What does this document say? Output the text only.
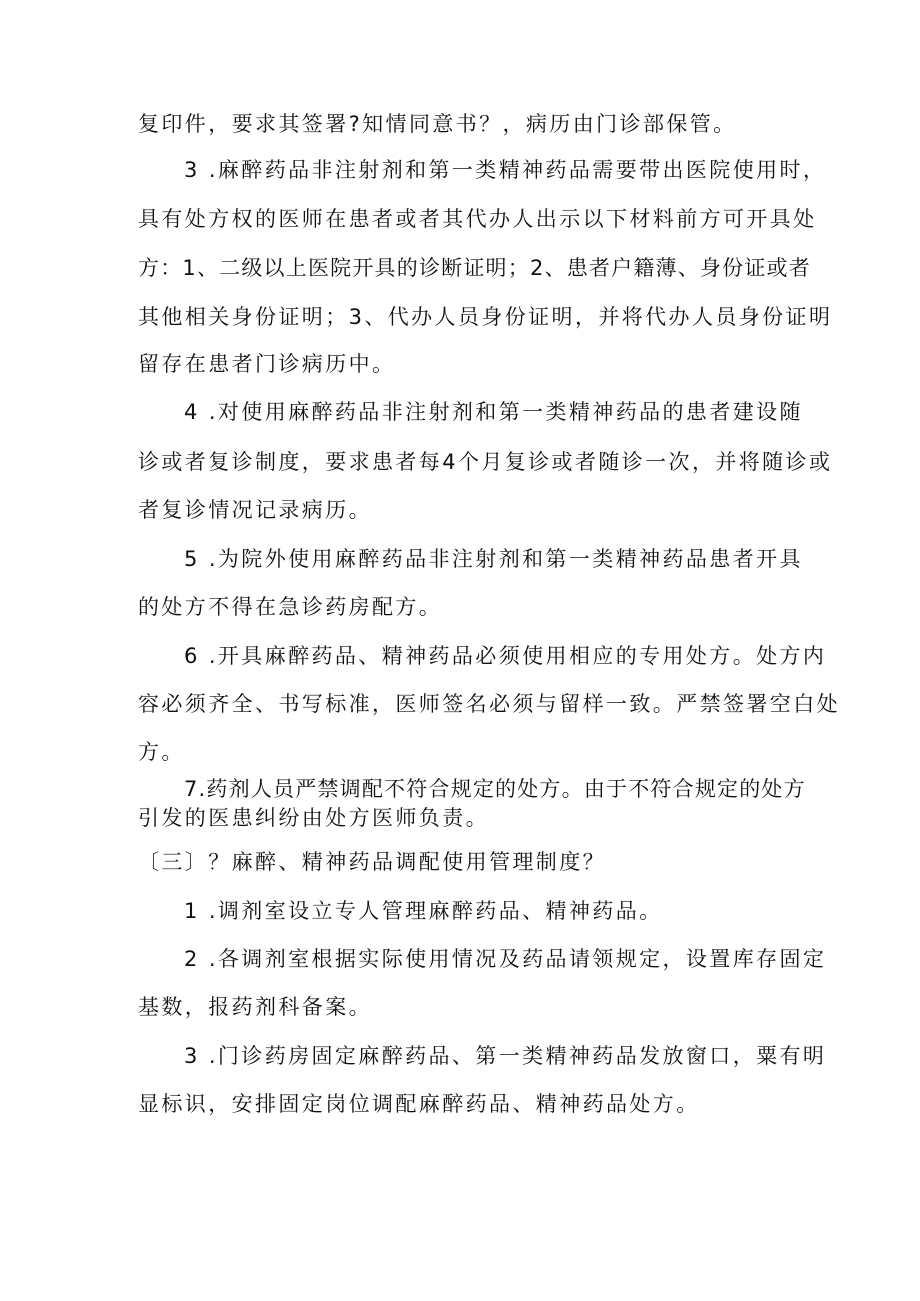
复印件，要求其签署?知情同意书？，病历由门诊部保管。
3 .麻醉药品非注射剂和第一类精神药品需要带出医院使用时，
具有处方权的医师在患者或者其代办人出示以下材料前方可开具处
方：1、二级以上医院开具的诊断证明；2、患者户籍薄、身份证或者
其他相关身份证明；3、代办人员身份证明，并将代办人员身份证明
留存在患者门诊病历中。
4 .对使用麻醉药品非注射剂和第一类精神药品的患者建设随
诊或者复诊制度，要求患者每4个月复诊或者随诊一次，并将随诊或
者复诊情况记录病历。
5 .为院外使用麻醉药品非注射剂和第一类精神药品患者开具
的处方不得在急诊药房配方。
6 .开具麻醉药品、精神药品必须使用相应的专用处方。处方内
容必须齐全、书写标准，医师签名必须与留样一致。严禁签署空白处
方。
7.药剂人员严禁调配不符合规定的处方。由于不符合规定的处方
引发的医患纠纷由处方医师负责。
〔三〕？麻醉、精神药品调配使用管理制度？
1 .调剂室设立专人管理麻醉药品、精神药品。
2 .各调剂室根据实际使用情况及药品请领规定，设置库存固定
基数，报药剂科备案。
3 .门诊药房固定麻醉药品、第一类精神药品发放窗口，粟有明
显标识，安排固定岗位调配麻醉药品、精神药品处方。
